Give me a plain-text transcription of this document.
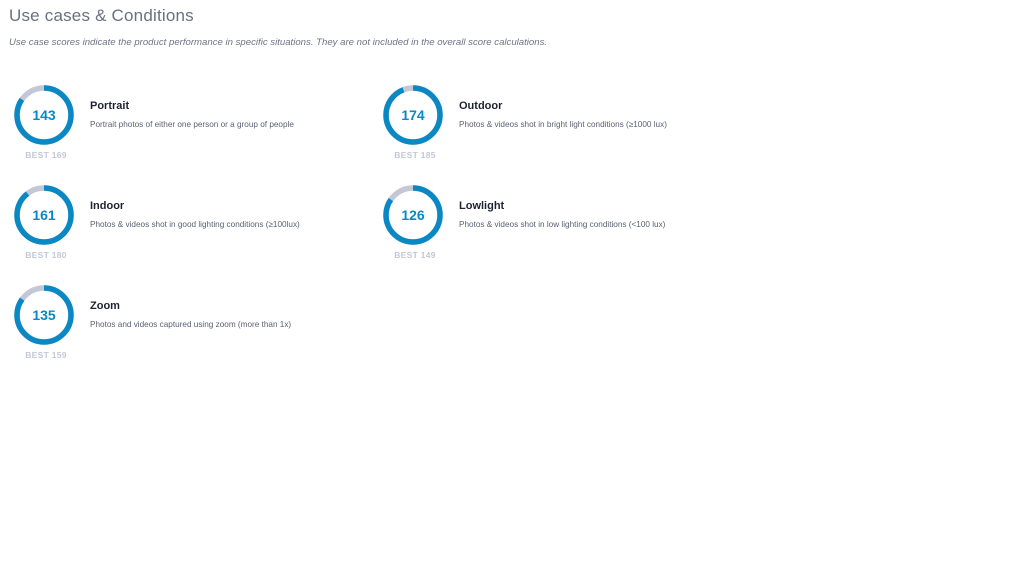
Use cases & Conditions

Use case scores indicate the product performance in specific situations. They are not included in the overall score calculations.

143
BEST 169
Portrait
Portrait photos of either one person or a group of people
174
BEST 185
Outdoor
Photos & videos shot in bright light conditions (≥1000 lux)
161
BEST 180
Indoor
Photos & videos shot in good lighting conditions (≥100lux)
126
BEST 149
Lowlight
Photos & videos shot in low lighting conditions (<100 lux)
135
BEST 159
Zoom
Photos and videos captured using zoom (more than 1x)
